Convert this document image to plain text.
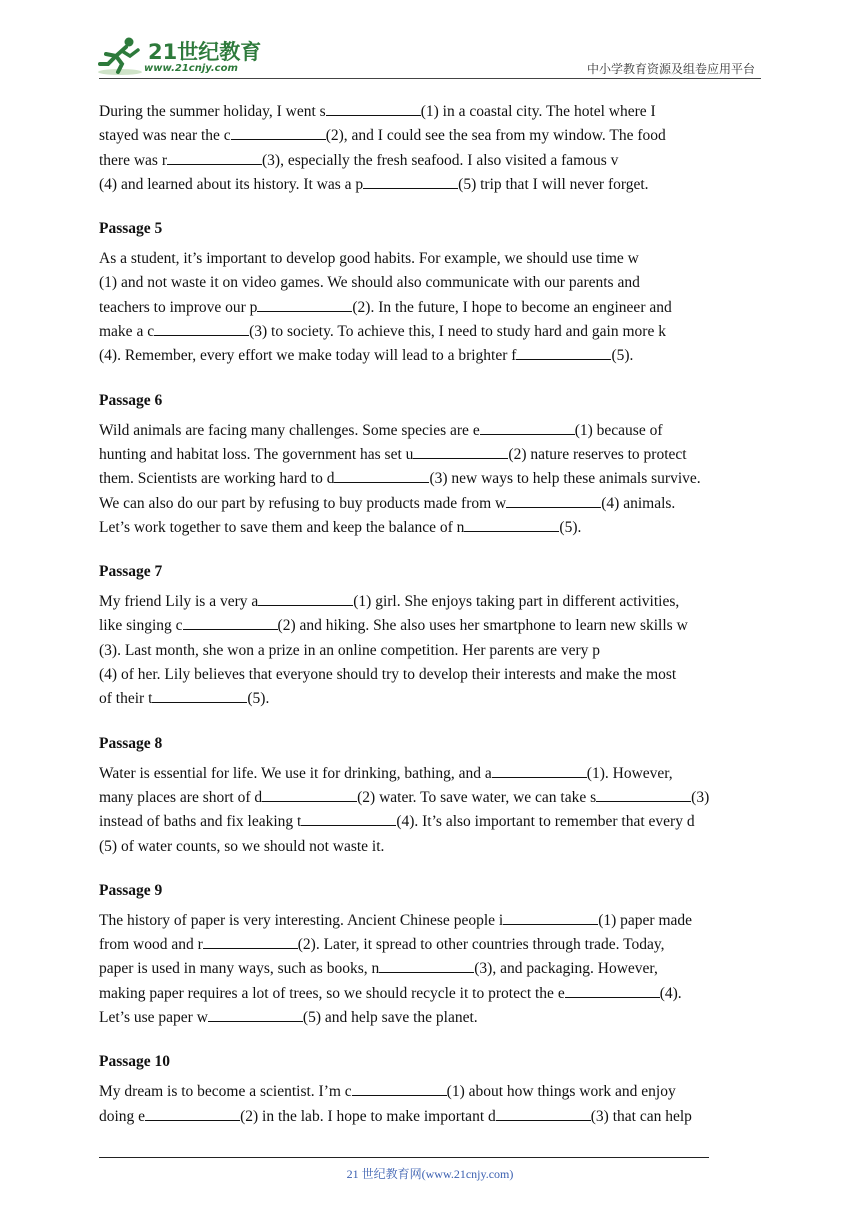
21世纪教育
www.21cnjy.com	中小学教育资源及组卷应用平台

During the summer holiday, I went s	(1) in a coastal city. The hotel where I
stayed was near the c	(2), and I could see the sea from my window. The food
there was r	(3), especially the fresh seafood. I also visited a famous v
(4) and learned about its history. It was a p	(5) trip that I will never forget.

Passage 5

As a student, it’s important to develop good habits. For example, we should use time w
(1) and not waste it on video games. We should also communicate with our parents and
teachers to improve our p	(2). In the future, I hope to become an engineer and
make a c	(3) to society. To achieve this, I need to study hard and gain more k
(4). Remember, every effort we make today will lead to a brighter f	(5).

Passage 6

Wild animals are facing many challenges. Some species are e	(1) because of
hunting and habitat loss. The government has set u	(2) nature reserves to protect
them. Scientists are working hard to d	(3) new ways to help these animals survive.
We can also do our part by refusing to buy products made from w	(4) animals.
Let’s work together to save them and keep the balance of n	(5).

Passage 7

My friend Lily is a very a	(1) girl. She enjoys taking part in different activities,
like singing c	(2) and hiking. She also uses her smartphone to learn new skills w
(3). Last month, she won a prize in an online competition. Her parents are very p
(4) of her. Lily believes that everyone should try to develop their interests and make the most
of their t	(5).

Passage 8

Water is essential for life. We use it for drinking, bathing, and a	(1). However,
many places are short of d	(2) water. To save water, we can take s	(3)
instead of baths and fix leaking t	(4). It’s also important to remember that every d
(5) of water counts, so we should not waste it.

Passage 9

The history of paper is very interesting. Ancient Chinese people i	(1) paper made
from wood and r	(2). Later, it spread to other countries through trade. Today,
paper is used in many ways, such as books, n	(3), and packaging. However,
making paper requires a lot of trees, so we should recycle it to protect the e	(4).
Let’s use paper w	(5) and help save the planet.

Passage 10

My dream is to become a scientist. I’m c	(1) about how things work and enjoy
doing e	(2) in the lab. I hope to make important d	(3) that can help

21 世纪教育网(www.21cnjy.com)
